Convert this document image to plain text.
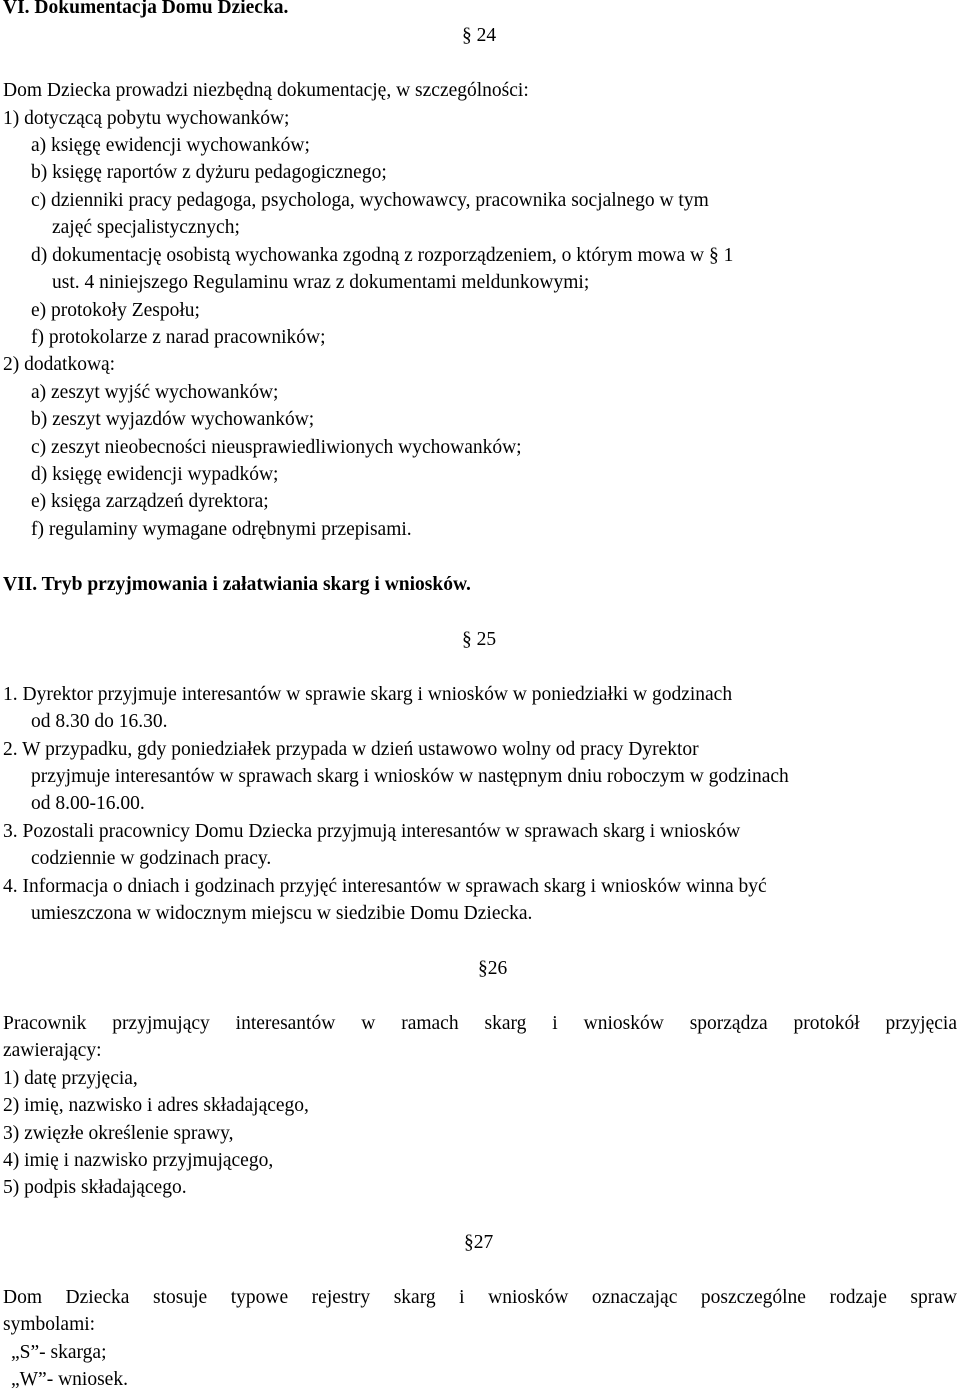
VI. Dokumentacja Domu Dziecka.
§ 24
Dom Dziecka prowadzi niezbędną dokumentację, w szczególności:
1) dotyczącą pobytu wychowanków;
a) księgę ewidencji wychowanków;
b) księgę raportów z dyżuru pedagogicznego;
c) dzienniki pracy pedagoga, psychologa, wychowawcy, pracownika socjalnego w tym
zajęć specjalistycznych;
d) dokumentację osobistą wychowanka zgodną z rozporządzeniem, o którym mowa w § 1
ust. 4 niniejszego Regulaminu wraz z dokumentami meldunkowymi;
e) protokoły Zespołu;
f) protokolarze z narad pracowników;
2) dodatkową:
a) zeszyt wyjść wychowanków;
b) zeszyt wyjazdów wychowanków;
c) zeszyt nieobecności nieusprawiedliwionych wychowanków;
d) księgę ewidencji wypadków;
e) księga zarządzeń dyrektora;
f) regulaminy wymagane odrębnymi przepisami.
VII. Tryb przyjmowania i załatwiania skarg i wniosków.
§ 25
1. Dyrektor przyjmuje interesantów w sprawie skarg i wniosków w poniedziałki w godzinach
od 8.30 do 16.30.
2. W przypadku, gdy poniedziałek przypada w dzień ustawowo wolny od pracy Dyrektor
przyjmuje interesantów w sprawach skarg i wniosków w następnym dniu roboczym w godzinach
od 8.00-16.00.
3. Pozostali pracownicy Domu Dziecka przyjmują interesantów w sprawach skarg i wniosków
codziennie w godzinach pracy.
4. Informacja o dniach i godzinach przyjęć interesantów w sprawach skarg i wniosków winna być
umieszczona w widocznym miejscu w siedzibie Domu Dziecka.
§26
Pracownik przyjmujący interesantów w ramach skarg i wniosków sporządza protokół przyjęcia
zawierający:
1) datę przyjęcia,
2) imię, nazwisko i adres składającego,
3) zwięzłe określenie sprawy,
4) imię i nazwisko przyjmującego,
5) podpis składającego.
§27
Dom Dziecka stosuje typowe rejestry skarg i wniosków oznaczając poszczególne rodzaje spraw
symbolami:
„S”- skarga;
„W”- wniosek.
